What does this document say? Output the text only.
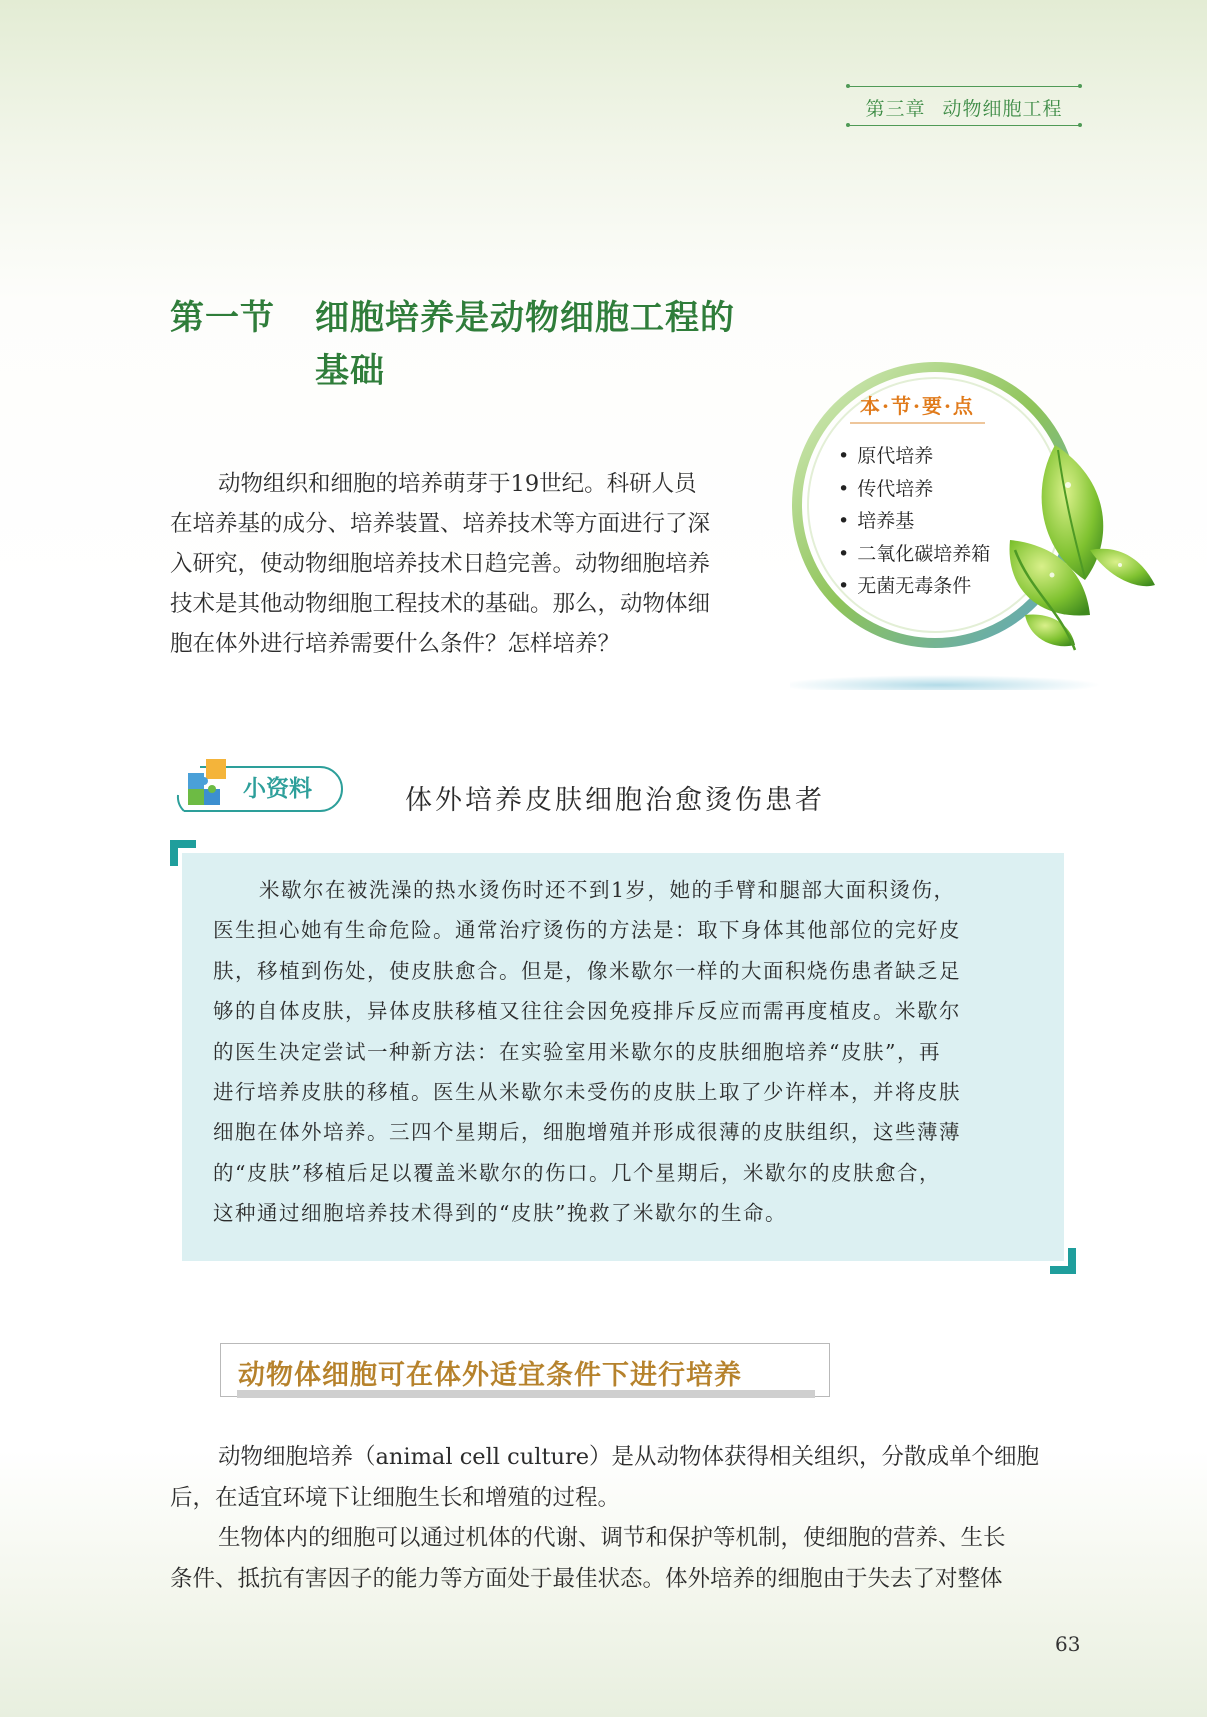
第三章 动物细胞工程
第一节 细胞培养是动物细胞工程的
基础
动物组织和细胞的培养萌芽于19世纪。科研人员
在培养基的成分、培养装置、培养技术等方面进行了深
入研究，使动物细胞培养技术日趋完善。动物细胞培养
技术是其他动物细胞工程技术的基础。那么，动物体细
胞在体外进行培养需要什么条件？怎样培养？
本·节·要·点
• 原代培养
• 传代培养
• 培养基
• 二氧化碳培养箱
• 无菌无毒条件
小资料	体外培养皮肤细胞治愈烫伤患者
米歇尔在被洗澡的热水烫伤时还不到1岁，她的手臂和腿部大面积烫伤，
医生担心她有生命危险。通常治疗烫伤的方法是：取下身体其他部位的完好皮
肤，移植到伤处，使皮肤愈合。但是，像米歇尔一样的大面积烧伤患者缺乏足
够的自体皮肤，异体皮肤移植又往往会因免疫排斥反应而需再度植皮。米歇尔
的医生决定尝试一种新方法：在实验室用米歇尔的皮肤细胞培养“皮肤”，再
进行培养皮肤的移植。医生从米歇尔未受伤的皮肤上取了少许样本，并将皮肤
细胞在体外培养。三四个星期后，细胞增殖并形成很薄的皮肤组织，这些薄薄
的“皮肤”移植后足以覆盖米歇尔的伤口。几个星期后，米歇尔的皮肤愈合，
这种通过细胞培养技术得到的“皮肤”挽救了米歇尔的生命。
动物体细胞可在体外适宜条件下进行培养
动物细胞培养（animal cell culture）是从动物体获得相关组织，分散成单个细胞
后，在适宜环境下让细胞生长和增殖的过程。
生物体内的细胞可以通过机体的代谢、调节和保护等机制，使细胞的营养、生长
条件、抵抗有害因子的能力等方面处于最佳状态。体外培养的细胞由于失去了对整体
63
